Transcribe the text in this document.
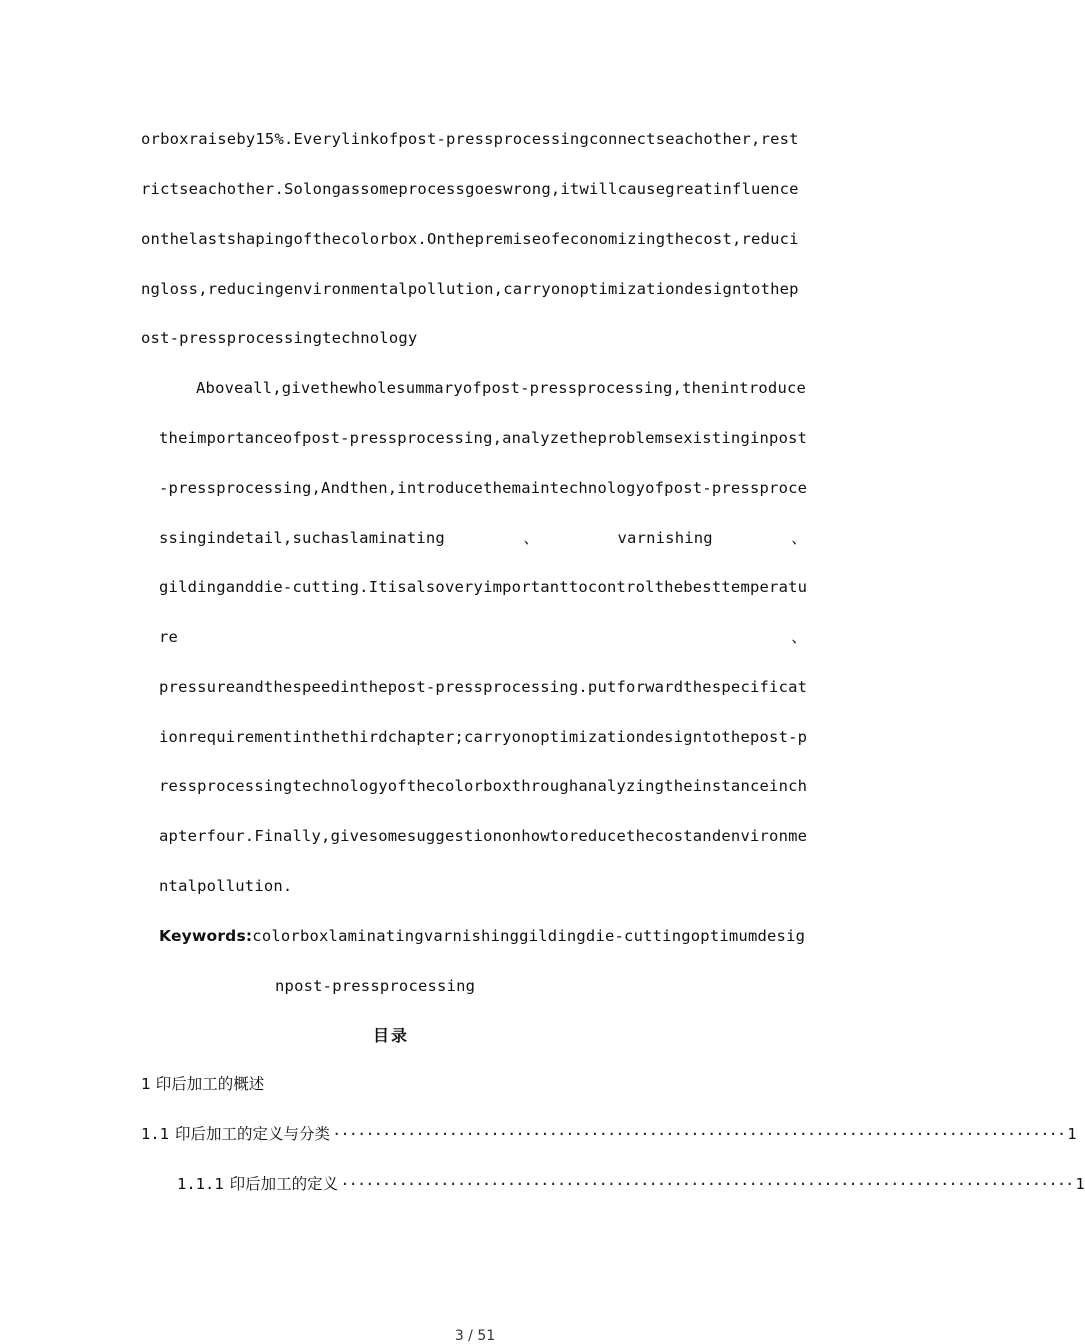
orboxraiseby15%.Everylinkofpost-pressprocessingconnectseachother,rest
rictseachother.Solongassomeprocessgoeswrong,itwillcausegreatinfluence
onthelastshapingofthecolorbox.Onthepremiseofeconomizingthecost,reduci
ngloss,reducingenvironmentalpollution,carryonoptimizationdesigntothep
ost-pressprocessingtechnology
Aboveall,givethewholesummaryofpost-pressprocessing,thenintroduce
theimportanceofpost-pressprocessing,analyzetheproblemsexistinginpost
-pressprocessing,Andthen,introducethemaintechnologyofpost-pressproce
ssingindetail,suchaslaminating	、	varnishing	、
gildinganddie-cutting.Itisalsoveryimportanttocontrolthebesttemperatu
re	、
pressureandthespeedinthepost-pressprocessing.putforwardthespecificat
ionrequirementinthethirdchapter;carryonoptimizationdesigntothepost-p
ressprocessingtechnologyofthecolorboxthroughanalyzingtheinstanceinch
apterfour.Finally,givesomesuggestiononhowtoreducethecostandenvironme
ntalpollution.
Keywords:colorboxlaminatingvarnishinggildingdie-cuttingoptimumdesig
npost-pressprocessing
目录
1 印后加工的概述
1.1 印后加工的定义与分类 ························································································ 1
1.1.1 印后加工的定义 ························································································ 1
3 / 51
